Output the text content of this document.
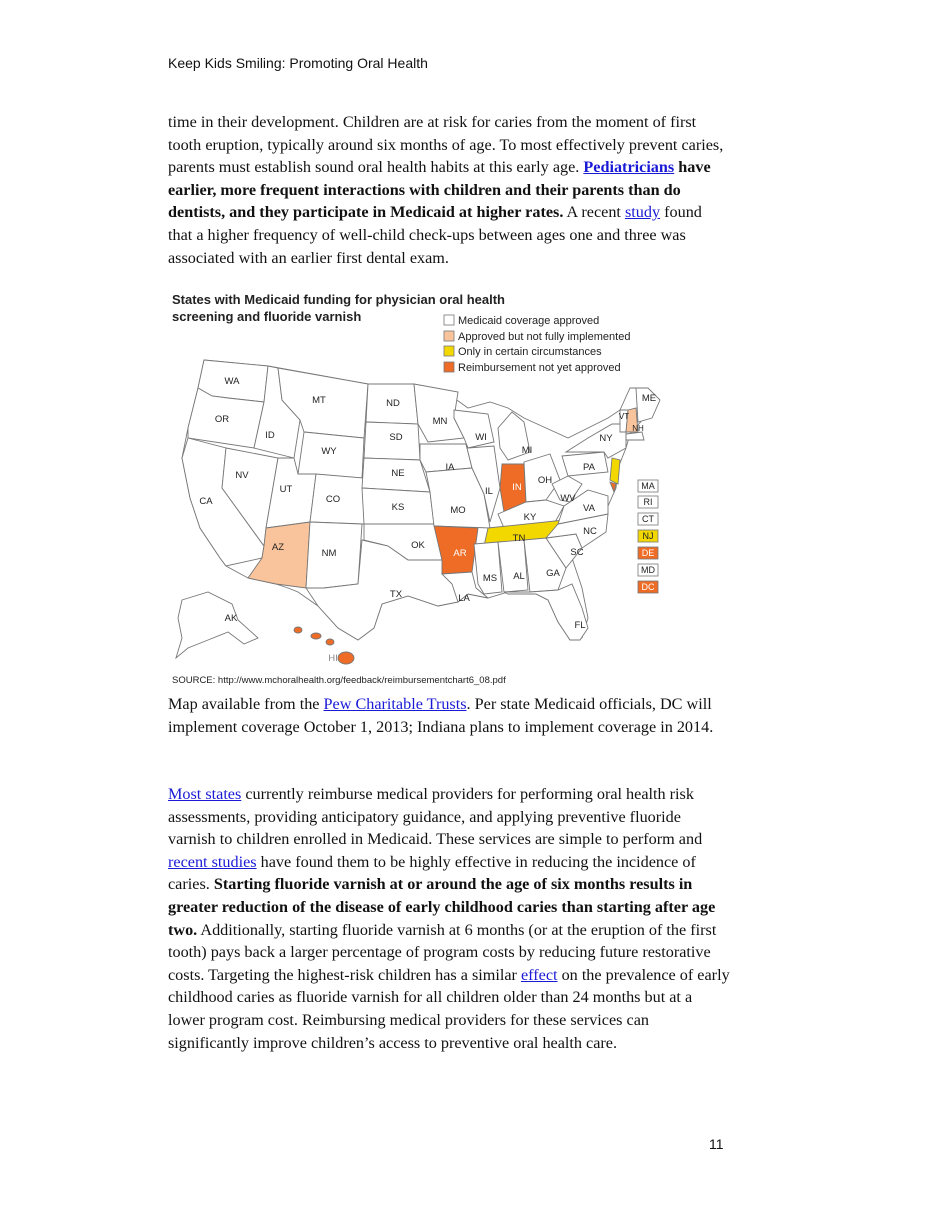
Keep Kids Smiling: Promoting Oral Health

time in their development. Children are at risk for caries from the moment of first tooth eruption, typically around six months of age. To most effectively prevent caries, parents must establish sound oral health habits at this early age. Pediatricians have earlier, more frequent interactions with children and their parents than do dentists, and they participate in Medicaid at higher rates. A recent study found that a higher frequency of well-child check-ups between ages one and three was associated with an earlier first dental exam.

States with Medicaid funding for physician oral health
screening and fluoride varnish	Medicaid coverage approved
Approved but not fully implemented
Only in certain circumstances
Reimbursement not yet approved
WA
OR
CA
ID
NV
MT
WY
UT
CO
AZ
NM
ND
SD
NE
KS
OK
TX
MN
IA
MO
AR
LA
WI
IL
MS
MI
IN
OH
KY
TN
AL GA
FL
SC
NC
VA
WV
PA
NY
VT
NH
ME
AK
HI
MA
RI
CT
NJ
DE
MD
DC
SOURCE: http://www.mchoralhealth.org/feedback/reimbursementchart6_08.pdf

Map available from the Pew Charitable Trusts. Per state Medicaid officials, DC will implement coverage October 1, 2013; Indiana plans to implement coverage in 2014.

Most states currently reimburse medical providers for performing oral health risk assessments, providing anticipatory guidance, and applying preventive fluoride varnish to children enrolled in Medicaid. These services are simple to perform and recent studies have found them to be highly effective in reducing the incidence of caries. Starting fluoride varnish at or around the age of six months results in greater reduction of the disease of early childhood caries than starting after age two. Additionally, starting fluoride varnish at 6 months (or at the eruption of the first tooth) pays back a larger percentage of program costs by reducing future restorative costs. Targeting the highest-risk children has a similar effect on the prevalence of early childhood caries as fluoride varnish for all children older than 24 months but at a lower program cost. Reimbursing medical providers for these services can significantly improve children’s access to preventive oral health care.

11
